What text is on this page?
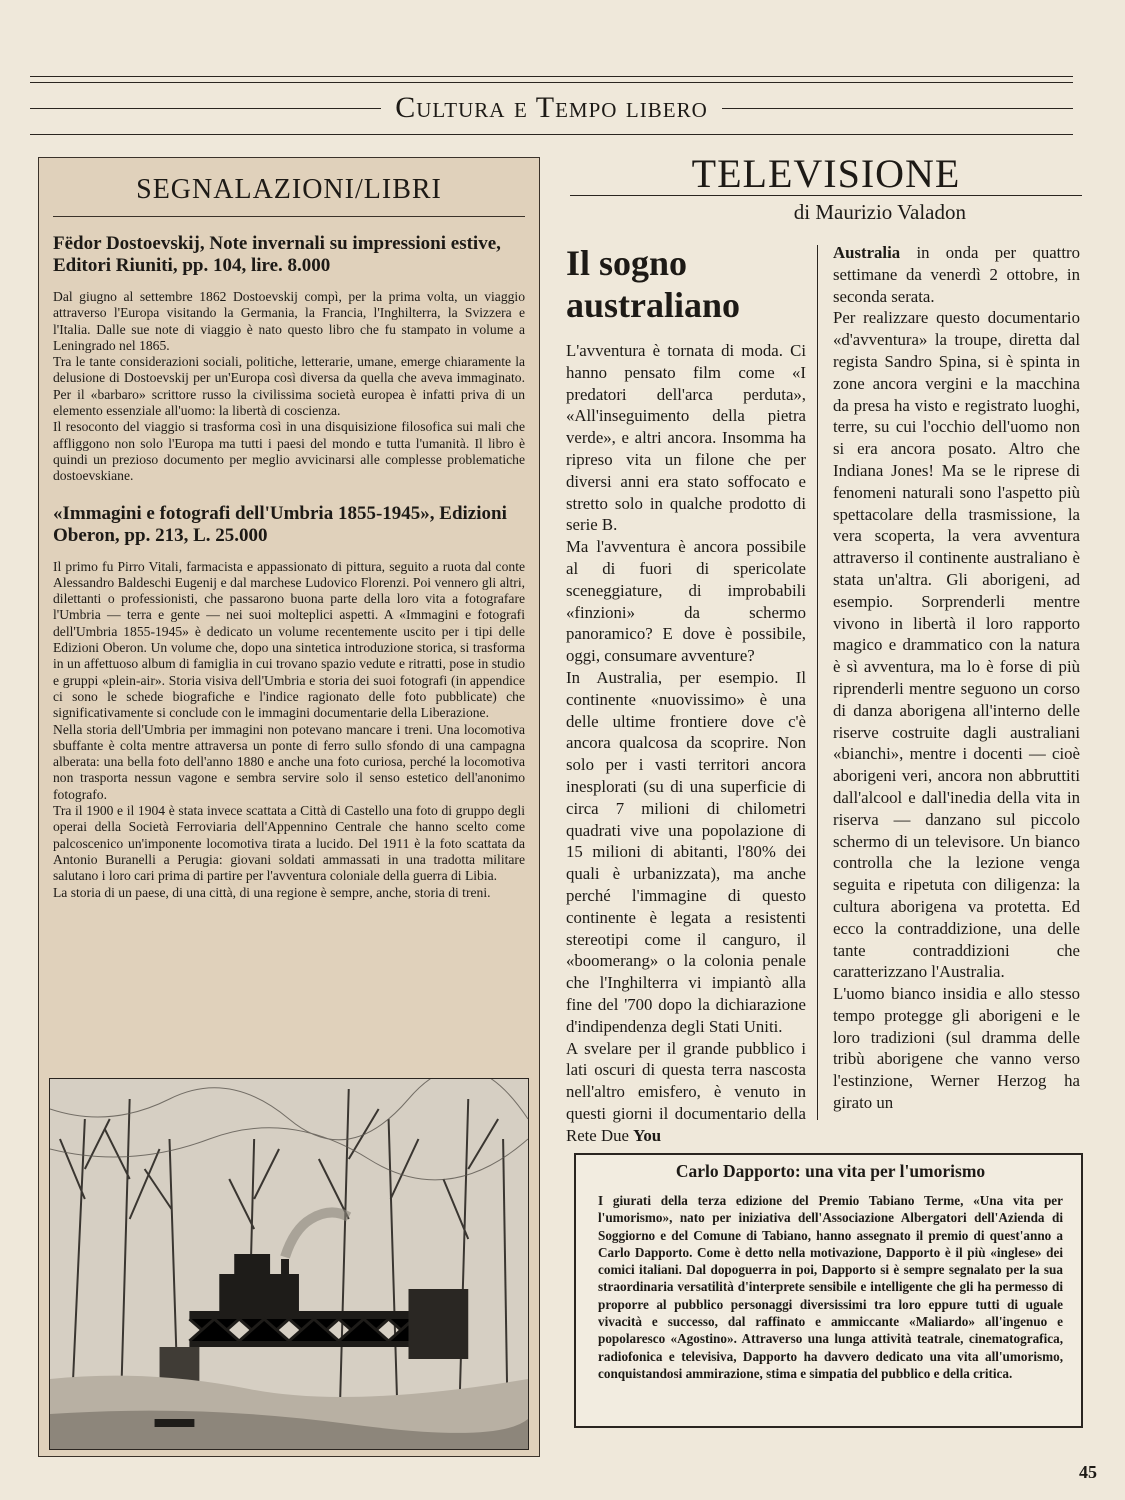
Cultura e Tempo libero
SEGNALAZIONI/LIBRI
Fëdor Dostoevskij, Note invernali su impressioni estive, Editori Riuniti, pp. 104, lire. 8.000

Dal giugno al settembre 1862 Dostoevskij compì, per la prima volta, un viaggio attraverso l'Europa visitando la Germania, la Francia, l'Inghilterra, la Svizzera e l'Italia. Dalle sue note di viaggio è nato questo libro che fu stampato in volume a Leningrado nel 1865.

Tra le tante considerazioni sociali, politiche, letterarie, umane, emerge chiaramente la delusione di Dostoevskij per un'Europa così diversa da quella che aveva immaginato. Per il «barbaro» scrittore russo la civilissima società europea è infatti priva di un elemento essenziale all'uomo: la libertà di coscienza.

Il resoconto del viaggio si trasforma così in una disquisizione filosofica sui mali che affliggono non solo l'Europa ma tutti i paesi del mondo e tutta l'umanità. Il libro è quindi un prezioso documento per meglio avvicinarsi alle complesse problematiche dostoevskiane.

«Immagini e fotografi dell'Umbria 1855-1945», Edizioni Oberon, pp. 213, L. 25.000

Il primo fu Pirro Vitali, farmacista e appassionato di pittura, seguito a ruota dal conte Alessandro Baldeschi Eugenij e dal marchese Ludovico Florenzi. Poi vennero gli altri, dilettanti o professionisti, che passarono buona parte della loro vita a fotografare l'Umbria — terra e gente — nei suoi molteplici aspetti. A «Immagini e fotografi dell'Umbria 1855-1945» è dedicato un volume recentemente uscito per i tipi delle Edizioni Oberon. Un volume che, dopo una sintetica introduzione storica, si trasforma in un affettuoso album di famiglia in cui trovano spazio vedute e ritratti, pose in studio e gruppi «plein-air». Storia visiva dell'Umbria e storia dei suoi fotografi (in appendice ci sono le schede biografiche e l'indice ragionato delle foto pubblicate) che significativamente si conclude con le immagini documentarie della Liberazione.

Nella storia dell'Umbria per immagini non potevano mancare i treni. Una locomotiva sbuffante è colta mentre attraversa un ponte di ferro sullo sfondo di una campagna alberata: una bella foto dell'anno 1880 e anche una foto curiosa, perché la locomotiva non trasporta nessun vagone e sembra servire solo il senso estetico dell'anonimo fotografo.

Tra il 1900 e il 1904 è stata invece scattata a Città di Castello una foto di gruppo degli operai della Società Ferroviaria dell'Appennino Centrale che hanno scelto come palcoscenico un'imponente locomotiva tirata a lucido. Del 1911 è la foto scattata da Antonio Buranelli a Perugia: giovani soldati ammassati in una tradotta militare salutano i loro cari prima di partire per l'avventura coloniale della guerra di Libia.

La storia di un paese, di una città, di una regione è sempre, anche, storia di treni.

TELEVISIONE
di Maurizio Valadon
Il sogno australiano

L'avventura è tornata di moda. Ci hanno pensato film come «I predatori dell'arca perduta», «All'inseguimento della pietra verde», e altri ancora. Insomma ha ripreso vita un filone che per diversi anni era stato soffocato e stretto solo in qualche prodotto di serie B.

Ma l'avventura è ancora possibile al di fuori di spericolate sceneggiature, di improbabili «finzioni» da schermo panoramico? E dove è possibile, oggi, consumare avventure?

In Australia, per esempio. Il continente «nuovissimo» è una delle ultime frontiere dove c'è ancora qualcosa da scoprire. Non solo per i vasti territori ancora inesplorati (su di una superficie di circa 7 milioni di chilometri quadrati vive una popolazione di 15 milioni di abitanti, l'80% dei quali è urbanizzata), ma anche perché l'immagine di questo continente è legata a resistenti stereotipi come il canguro, il «boomerang» o la colonia penale che l'Inghilterra vi impiantò alla fine del '700 dopo la dichiarazione d'indipendenza degli Stati Uniti.

A svelare per il grande pubblico i lati oscuri di questa terra nascosta nell'altro emisfero, è venuto in questi giorni il documentario della Rete Due You

Australia in onda per quattro settimane da venerdì 2 ottobre, in seconda serata.

Per realizzare questo documentario «d'avventura» la troupe, diretta dal regista Sandro Spina, si è spinta in zone ancora vergini e la macchina da presa ha visto e registrato luoghi, terre, su cui l'occhio dell'uomo non si era ancora posato. Altro che Indiana Jones! Ma se le riprese di fenomeni naturali sono l'aspetto più spettacolare della trasmissione, la vera scoperta, la vera avventura attraverso il continente australiano è stata un'altra. Gli aborigeni, ad esempio. Sorprenderli mentre vivono in libertà il loro rapporto magico e drammatico con la natura è sì avventura, ma lo è forse di più riprenderli mentre seguono un corso di danza aborigena all'interno delle riserve costruite dagli australiani «bianchi», mentre i docenti — cioè aborigeni veri, ancora non abbruttiti dall'alcool e dall'inedia della vita in riserva — danzano sul piccolo schermo di un televisore. Un bianco controlla che la lezione venga seguita e ripetuta con diligenza: la cultura aborigena va protetta. Ed ecco la contraddizione, una delle tante contraddizioni che caratterizzano l'Australia.

L'uomo bianco insidia e allo stesso tempo protegge gli aborigeni e le loro tradizioni (sul dramma delle tribù aborigene che vanno verso l'estinzione, Werner Herzog ha girato un

Carlo Dapporto: una vita per l'umorismo
I giurati della terza edizione del Premio Tabiano Terme, «Una vita per l'umorismo», nato per iniziativa dell'Associazione Albergatori dell'Azienda di Soggiorno e del Comune di Tabiano, hanno assegnato il premio di quest'anno a Carlo Dapporto. Come è detto nella motivazione, Dapporto è il più «inglese» dei comici italiani. Dal dopoguerra in poi, Dapporto si è sempre segnalato per la sua straordinaria versatilità d'interprete sensibile e intelligente che gli ha permesso di proporre al pubblico personaggi diversissimi tra loro eppure tutti di uguale vivacità e successo, dal raffinato e ammiccante «Maliardo» all'ingenuo e popolaresco «Agostino». Attraverso una lunga attività teatrale, cinematografica, radiofonica e televisiva, Dapporto ha davvero dedicato una vita all'umorismo, conquistandosi ammirazione, stima e simpatia del pubblico e della critica.
45
